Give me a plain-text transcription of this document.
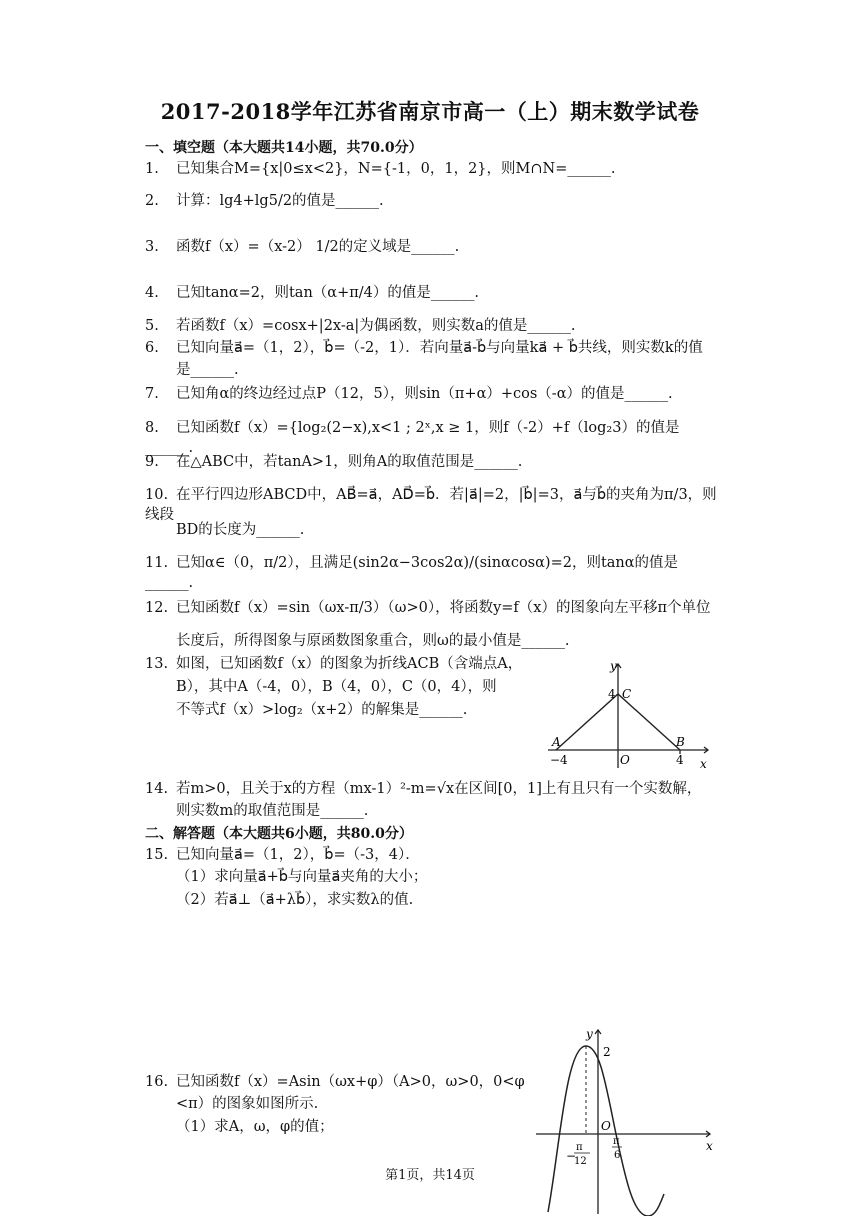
2017-2018学年江苏省南京市高一（上）期末数学试卷
一、填空题（本大题共14小题，共70.0分）
1. 已知集合M={x|0≤x<2}，N={-1，0，1，2}，则M∩N=______.
2. 计算：lg4+lg5/2的值是______.
3. 函数f（x）=（x-2） 1/2的定义域是______.
4. 已知tanα=2，则tan（α+π/4）的值是______.
5. 若函数f（x）=cosx+|2x-a|为偶函数，则实数a的值是______.
6. 已知向量a⃗=（1，2），b⃗=（-2，1）．若向量a⃗-b⃗与向量ka⃗ + b⃗共线，则实数k的值
是______.
7. 已知角α的终边经过点P（12，5），则sin（π+α）+cos（-α）的值是______.
8. 已知函数f（x）={log₂(2−x),x<1 ; 2ˣ,x ≥ 1，则f（-2）+f（log₂3）的值是______.
9. 在△ABC中，若tanA>1，则角A的取值范围是______.
10. 在平行四边形ABCD中，AB⃗=a⃗，AD⃗=b⃗．若|a⃗|=2，|b⃗|=3，a⃗与b⃗的夹角为π/3，则线段
BD的长度为______.
11. 已知α∈（0，π/2），且满足(sin2α−3cos2α)/(sinαcosα)=2，则tanα的值是______.
12. 已知函数f（x）=sin（ωx-π/3）（ω>0），将函数y=f（x）的图象向左平移π个单位
长度后，所得图象与原函数图象重合，则ω的最小值是______.
13. 如图，已知函数f（x）的图象为折线ACB（含端点A，
B），其中A（-4，0），B（4，0），C（0，4），则
不等式f（x）>log₂（x+2）的解集是______.
y
x
4 C
A	B
O
−4	4
14. 若m>0，且关于x的方程（mx-1）²-m=√x在区间[0，1]上有且只有一个实数解，
则实数m的取值范围是______.
二、解答题（本大题共6小题，共80.0分）
15. 已知向量a⃗=（1，2），b⃗=（-3，4）．
（1）求向量a⃗+b⃗与向量a⃗夹角的大小；
（2）若a⃗⊥（a⃗+λb⃗），求实数λ的值.
16. 已知函数f（x）=Asin（ωx+φ）（A>0，ω>0，0<φ
<π）的图象如图所示.
（1）求A，ω，φ的值；
y
x
2
O
−
π
12
π
6
第1页，共14页
